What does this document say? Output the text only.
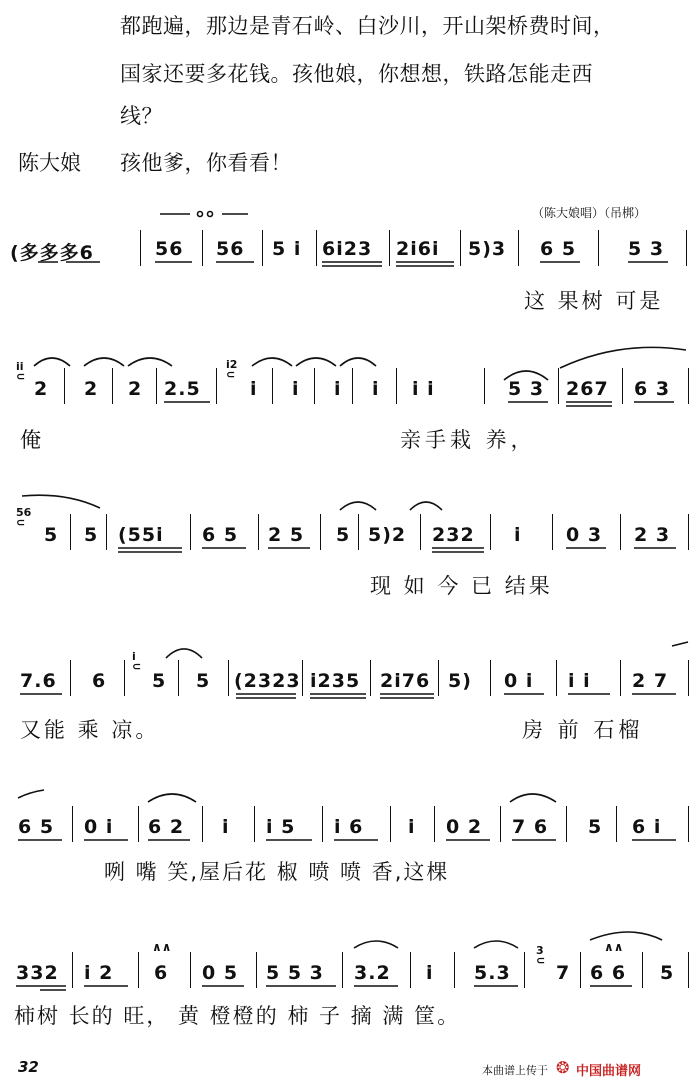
都跑遍，那边是青石岭、白沙川，开山架桥费时间，
国家还要多花钱。孩他娘，你想想，铁路怎能走西
线？
陈大娘 孩他爹，你看看！
（陈大娘唱）（吊梆）
(多多多6	56 56 5 i 6i23 2i6i 5)3 6 5	5 3
这 果树 可是
ii
⊂
2 2 2 2.5
i2
⊂
i i i i i i	5 3 267 6 3
俺	亲手栽 养，
56
⊂
5 5 (55i 6 5 2 5 5 5)2 232 i 0 3 2 3
现 如 今 已 结果
7.6 6
i
⊂
5 5 (2323 i235 2i76 5) 0 i i i 2 7
又能 乘 凉。	房 前 石榴
6 5 0 i 6 2 i i 5 i 6 i 0 2 7 6 5 6 i
咧 嘴 笑,屋后花 椒 喷 喷 香,这棵
332 i 2
∧∧
6 0 5 5 5 3 3.2 i 5.3
3
⊂
7
∧∧
6 6 5
柿树 长的 旺， 黄 橙橙的 柿 子 摘 满 筐。
32	本曲谱上传于 ❂ 中国曲谱网
